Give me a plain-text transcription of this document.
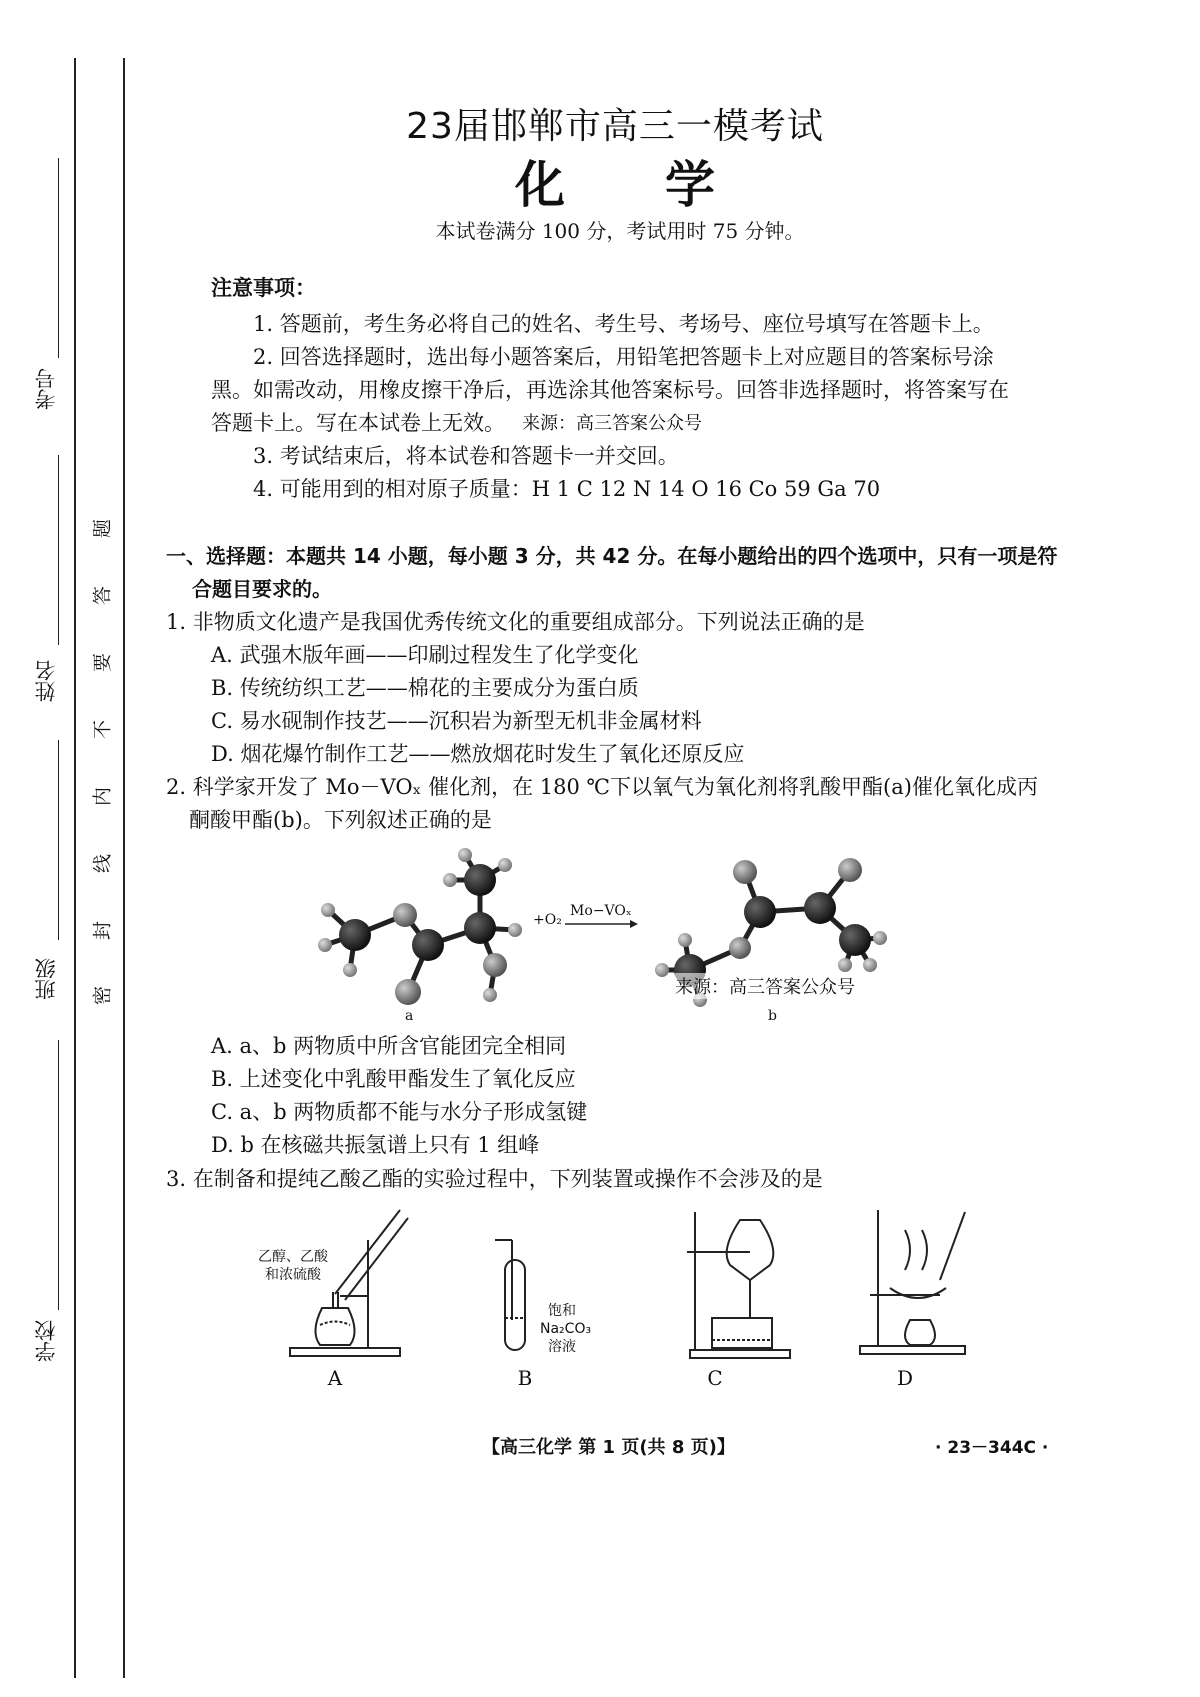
考号
姓名
班级
学校
密
封
线
内
不
要
答
题
23届邯郸市高三一模考试
化学
本试卷满分 100 分，考试用时 75 分钟。
注意事项：
1. 答题前，考生务必将自己的姓名、考生号、考场号、座位号填写在答题卡上。
2. 回答选择题时，选出每小题答案后，用铅笔把答题卡上对应题目的答案标号涂
黑。如需改动，用橡皮擦干净后，再选涂其他答案标号。回答非选择题时，将答案写在
答题卡上。写在本试卷上无效。 来源：高三答案公众号
3. 考试结束后，将本试卷和答题卡一并交回。
4. 可能用到的相对原子质量：H 1 C 12 N 14 O 16 Co 59 Ga 70
一、选择题：本题共 14 小题，每小题 3 分，共 42 分。在每小题给出的四个选项中，只有一项是符
合题目要求的。
1. 非物质文化遗产是我国优秀传统文化的重要组成部分。下列说法正确的是
A. 武强木版年画——印刷过程发生了化学变化
B. 传统纺织工艺——棉花的主要成分为蛋白质
C. 易水砚制作技艺——沉积岩为新型无机非金属材料
D. 烟花爆竹制作工艺——燃放烟花时发生了氧化还原反应
2. 科学家开发了 Mo－VOₓ 催化剂，在 180 ℃下以氧气为氧化剂将乳酸甲酯(a)催化氧化成丙
酮酸甲酯(b)。下列叙述正确的是
+O₂
Mo−VOₓ
a	b
来源：高三答案公众号
A. a、b 两物质中所含官能团完全相同
B. 上述变化中乳酸甲酯发生了氧化反应
C. a、b 两物质都不能与水分子形成氢键
D. b 在核磁共振氢谱上只有 1 组峰
3. 在制备和提纯乙酸乙酯的实验过程中，下列装置或操作不会涉及的是
乙醇、乙酸
和浓硫酸
饱和
Na₂CO₃
溶液
A	B	C	D
【高三化学 第 1 页(共 8 页)】	· 23－344C ·
